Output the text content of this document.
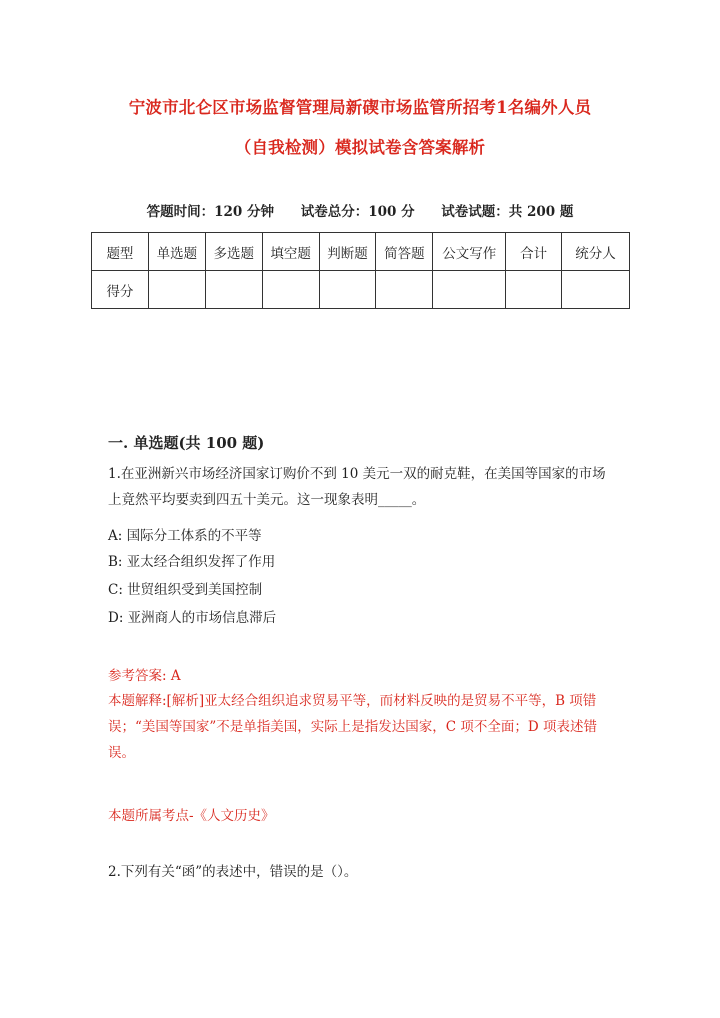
宁波市北仑区市场监督管理局新碶市场监管所招考1名编外人员
（自我检测）模拟试卷含答案解析
答题时间：120 分钟 试卷总分：100 分 试卷试题：共 200 题
题型	单选题	多选题	填空题	判断题	简答题	公文写作	合计	统分人
得分								
一. 单选题(共 100 题)
1.在亚洲新兴市场经济国家订购价不到 10 美元一双的耐克鞋，在美国等国家的市场上竟然平均要卖到四五十美元。这一现象表明_____。
A: 国际分工体系的不平等
B: 亚太经合组织发挥了作用
C: 世贸组织受到美国控制
D: 亚洲商人的市场信息滞后
参考答案: A
本题解释:[解析]亚太经合组织追求贸易平等，而材料反映的是贸易不平等，B 项错误；“美国等国家”不是单指美国，实际上是指发达国家，C 项不全面；D 项表述错误。
本题所属考点-《人文历史》
2.下列有关“函”的表述中，错误的是（）。
